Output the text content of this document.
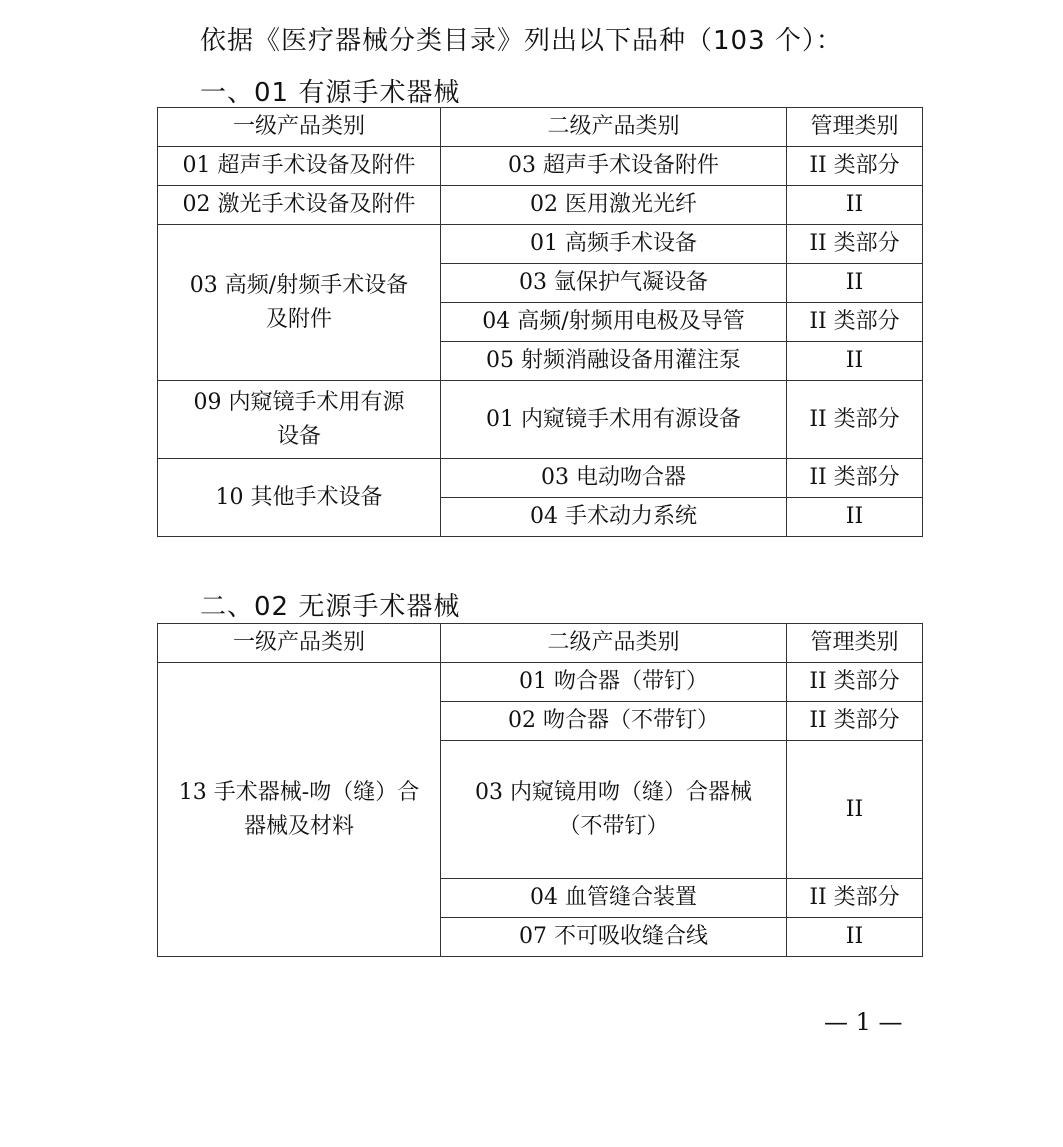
依据《医疗器械分类目录》列出以下品种（103 个）：
一、01 有源手术器械
一级产品类别	二级产品类别	管理类别
01 超声手术设备及附件	03 超声手术设备附件	II 类部分
02 激光手术设备及附件	02 医用激光光纤	II
03 高频/射频手术设备及附件	01 高频手术设备	II 类部分
	03 氩保护气凝设备	II
	04 高频/射频用电极及导管	II 类部分
	05 射频消融设备用灌注泵	II
09 内窥镜手术用有源设备	01 内窥镜手术用有源设备	II 类部分
10 其他手术设备	03 电动吻合器	II 类部分
	04 手术动力系统	II
二、02 无源手术器械
一级产品类别	二级产品类别	管理类别
13 手术器械-吻（缝）合器械及材料	01 吻合器（带钉）	II 类部分
	02 吻合器（不带钉）	II 类部分
	03 内窥镜用吻（缝）合器械（不带钉）	II
	04 血管缝合装置	II 类部分
	07 不可吸收缝合线	II
— 1 —
